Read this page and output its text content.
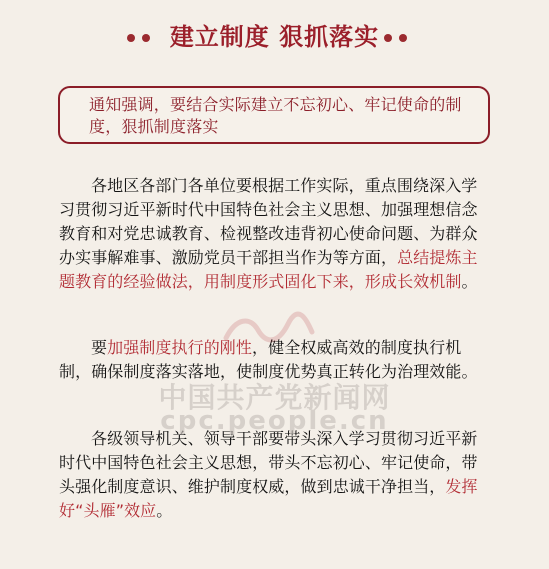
建立制度 狠抓落实
通知强调，要结合实际建立不忘初心、牢记使命的制度，狠抓制度落实
各地区各部门各单位要根据工作实际，重点围绕深入学习贯彻习近平新时代中国特色社会主义思想、加强理想信念教育和对党忠诚教育、检视整改违背初心使命问题、为群众办实事解难事、激励党员干部担当作为等方面，总结提炼主题教育的经验做法，用制度形式固化下来，形成长效机制。
要加强制度执行的刚性，健全权威高效的制度执行机制，确保制度落实落地，使制度优势真正转化为治理效能。
各级领导机关、领导干部要带头深入学习贯彻习近平新时代中国特色社会主义思想，带头不忘初心、牢记使命，带头强化制度意识、维护制度权威，做到忠诚干净担当，发挥好“头雁”效应。
中国共产党新闻网
cpc.people.cn
